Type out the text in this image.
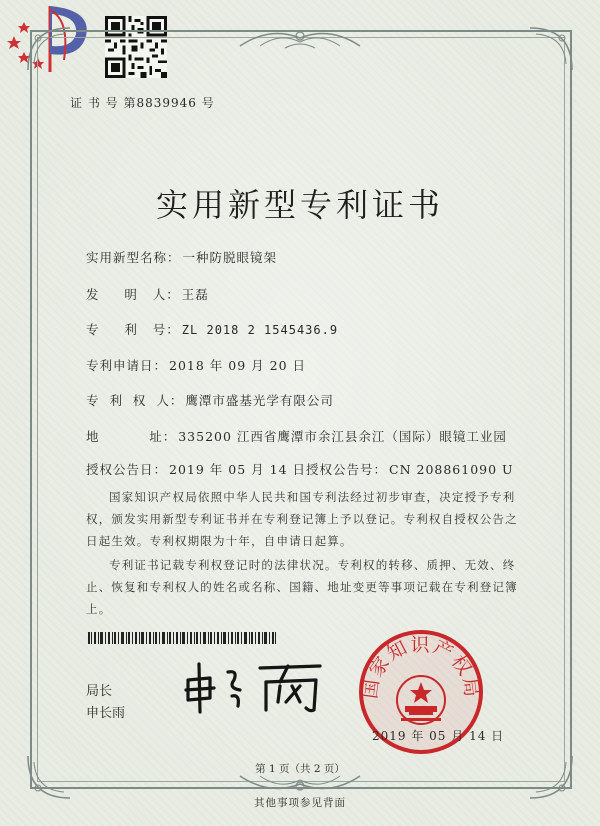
证 书 号 第8839946 号

实用新型专利证书
实用新型名称： 一种防脱眼镜架
发     明   人： 王磊
专     利   号： ZL 2018 2 1545436.9
专利申请日： 2018 年 09 月 20 日
专  利  权  人： 鹰潭市盛基光学有限公司
地          址： 335200 江西省鹰潭市余江县余江（国际）眼镜工业园
授权公告日： 2019 年 05 月 14 日 授权公告号： CN 208861090 U
国家知识产权局依照中华人民共和国专利法经过初步审查，决定授予专利权，颁发实用新型专利证书并在专利登记簿上予以登记。专利权自授权公告之日起生效。专利权期限为十年，自申请日起算。
专利证书记载专利权登记时的法律状况。专利权的转移、质押、无效、终止、恢复和专利权人的姓名或名称、国籍、地址变更等事项记载在专利登记簿上。
局长
申长雨
国家知识产权局
2019 年 05 月 14 日
第 1 页（共 2 页）
其他事项参见背面
